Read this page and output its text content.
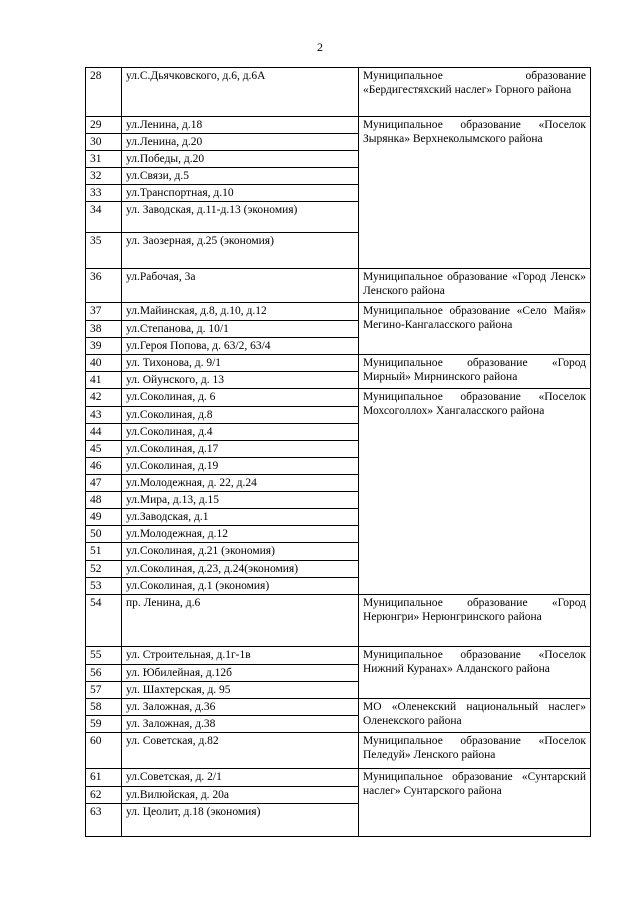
2
28	ул.С.Дьячковского, д.6, д.6А	Муниципальное образование «Бердигестяхский наслег» Горного района
29	ул.Ленина, д.18	Муниципальное образование «Поселок Зырянка» Верхнеколымского района
30	ул.Ленина, д.20	
31	ул.Победы, д.20	
32	ул.Связи, д.5	
33	ул.Транспортная, д.10	
34	ул. Заводская, д.11-д.13 (экономия)	
35	ул. Заозерная, д.25 (экономия)	
36	ул.Рабочая, 3а	Муниципальное образование «Город Ленск» Ленского района
37	ул.Майинская, д.8, д.10, д.12	Муниципальное образование «Село Майя» Мегино-Кангаласского района
38	ул.Степанова, д. 10/1	
39	ул.Героя Попова, д. 63/2, 63/4	
40	ул. Тихонова, д. 9/1	Муниципальное образование «Город Мирный» Мирнинского района
41	ул. Ойунского, д. 13	
42	ул.Соколиная, д. 6	Муниципальное образование «Поселок Мохсоголлох» Хангаласского района
43	ул.Соколиная, д.8	
44	ул.Соколиная, д.4	
45	ул.Соколиная, д.17	
46	ул.Соколиная, д.19	
47	ул.Молодежная, д. 22, д.24	
48	ул.Мира, д.13, д.15	
49	ул.Заводская, д.1	
50	ул.Молодежная, д.12	
51	ул.Соколиная, д.21 (экономия)	
52	ул.Соколиная, д.23, д.24(экономия)	
53	ул.Соколиная, д.1 (экономия)	
54	пр. Ленина, д.6	Муниципальное образование «Город Нерюнгри» Нерюнгринского района
55	ул. Строительная, д.1г-1в	Муниципальное образование «Поселок Нижний Куранах» Алданского района
56	ул. Юбилейная, д.12б	
57	ул. Шахтерская, д. 95	
58	ул. Заложная, д.36	МО «Оленекский национальный наслег» Оленекского района
59	ул. Заложная, д.38	
60	ул. Советская, д.82	Муниципальное образование «Поселок Пеледуй» Ленского района
61	ул.Советская, д. 2/1	Муниципальное образование «Сунтарский наслег» Сунтарского района
62	ул.Вилюйская, д. 20а	
63	ул. Цеолит, д.18 (экономия)	
